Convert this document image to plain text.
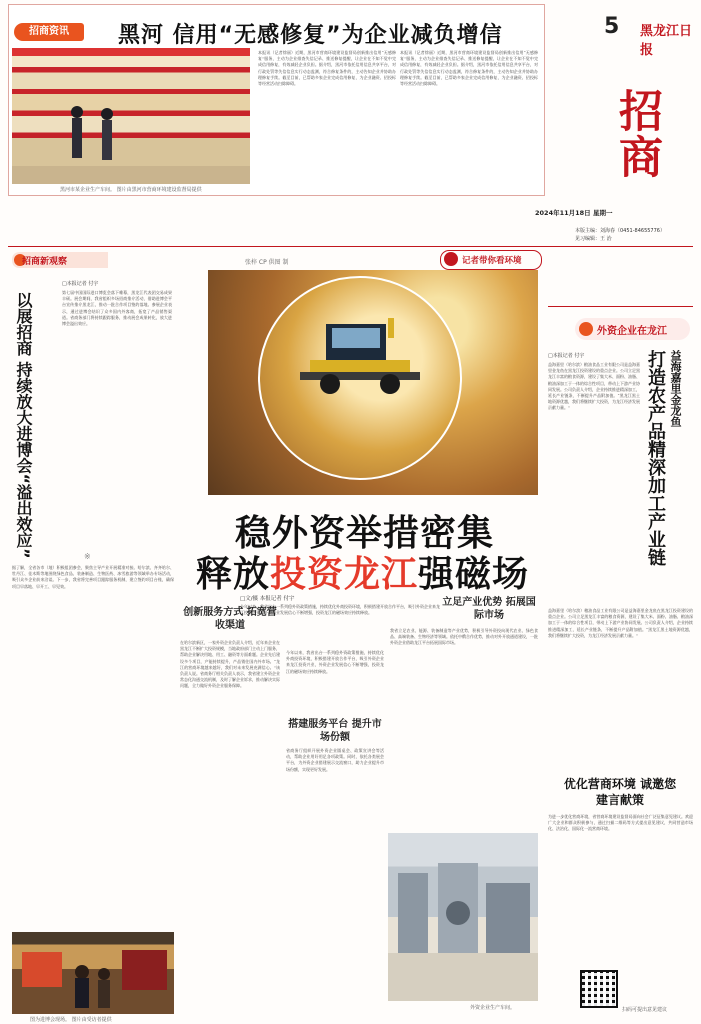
招商资讯	黑河 信用“无感修复”为企业减负增信
黑河市某企业生产车间。 图片由黑河市营商环境建设监督局提供
本报讯（记者徐丽）近期，黑河市营商环境建设监督局创新推出信用“无感修复”服务，主动为企业排查失信记录、推送修复提醒，让企业在不知不觉中完成信用修复，有效减轻企业负担。据介绍，黑河市依托信用信息共享平台，对行政处罚等失信信息实行动态监测，符合修复条件的，主动告知企业并协助办理修复手续。截至目前，已帮助多家企业完成信用修复，为企业融资、招投标等经营活动扫除障碍。
本报讯（记者徐丽）近期，黑河市营商环境建设监督局创新推出信用“无感修复”服务，主动为企业排查失信记录、推送修复提醒，让企业在不知不觉中完成信用修复，有效减轻企业负担。据介绍，黑河市依托信用信息共享平台，对行政处罚等失信信息实行动态监测，符合修复条件的，主动告知企业并协助办理修复手续。截至目前，已帮助多家企业完成信用修复，为企业融资、招投标等经营活动扫除障碍。
5 黑龙江日报
招商
2024年11月18日 星期一
本版主编：刘海春（0451-84655776）
见习编辑：王 治
招商新观察
以展招商 持续放大进博会“溢出效应”
□本报记者 付宇
第七届中国国际进口博览会落下帷幕，黑龙江代表团交易成果丰硕。展会期间，我省组织多场招商推介活动，借助进博会平台宣传推介黑龙江，推动一批合作项目签约落地。参展企业表示，通过进博会结识了众多国内外客商，拓宽了产品销售渠道。省商务部门将持续跟踪服务，推动展会成果转化，放大进博会溢出效应。
※
据了解，全省各市（地）积极组团参会，聚焦主导产业开展精准对接。哈尔滨、齐齐哈尔、牡丹江、佳木斯等地围绕绿色食品、装备制造、生物医药、冰雪旅游等领域举办专场活动，吸引众多企业前来洽谈。下一步，我省将完善项目跟踪服务机制，建立签约项目台账，确保项目早落地、早开工、早见效。
图为进博会现场。 图片由受访者提供
张梓 CP 供图 制	记者带你看环境
稳外资举措密集
释放投资龙江强磁场
□文/摄 本报记者 付宇
今年以来，我省出台一系列稳外资政策措施，持续优化外商投资环境，积极搭建开放合作平台，吸引外资企业来龙江投资兴业，外资企业发展信心不断增强，投资龙江的磁场效应持续释放。
创新服务方式 拓宽营收渠道
在哈尔滨新区，一家外资企业负责人介绍，近年来企业在黑龙江不断扩大投资规模，当地政府部门主动上门服务，帮助企业解决用地、用工、融资等方面难题。企业先后建设多个项目，产能持续提升，产品销往国内外市场。“龙江的营商环境越来越好，我们对未来发展充满信心。”该负责人说。省商务厅相关负责人表示，我省建立外资企业常态化沟通交流机制，及时了解企业诉求，推动解决实际问题，全力做好外资企业服务保障。
今年以来，我省出台一系列稳外资政策措施，持续优化外商投资环境，积极搭建开放合作平台，吸引外资企业来龙江投资兴业，外资企业发展信心不断增强，投资龙江的磁场效应持续释放。
搭建服务平台 提升市场份额
省商务厅组织开展外资企业圆桌会、政策宣讲会等活动，帮助企业用好用足各项政策。同时，依托各类展会平台，为外资企业搭建展示交流窗口，助力企业提升市场份额，实现更好发展。
立足产业优势 拓展国际市场
我省立足农业、能源、装备制造等产业优势，积极引导外资投向现代农业、绿色食品、高端装备、生物经济等领域。依托中俄合作优势，推动对外开放通道建设，一批外资企业借助龙江平台拓展国际市场。
外资企业生产车间。
外资企业在龙江
□本报记者 付宇	益海嘉里金龙鱼
打造农产品精深加工产业链
益海嘉里（哈尔滨）粮油食品工业有限公司是益海嘉里金龙鱼在黑龙江投资建设的重点企业。公司立足黑龙江丰富的粮食资源，建设了集大米、面粉、油脂、粮油深加工于一体的综合性项目，带动上下游产业协同发展。公司负责人介绍，企业持续推进精深加工，延长产业链条，不断提升产品附加值。“黑龙江黑土地资源优越，我们将继续扩大投资，为龙江经济发展贡献力量。”
益海嘉里（哈尔滨）粮油食品工业有限公司是益海嘉里金龙鱼在黑龙江投资建设的重点企业。公司立足黑龙江丰富的粮食资源，建设了集大米、面粉、油脂、粮油深加工于一体的综合性项目，带动上下游产业协同发展。公司负责人介绍，企业持续推进精深加工，延长产业链条，不断提升产品附加值。“黑龙江黑土地资源优越，我们将继续扩大投资，为龙江经济发展贡献力量。”
优化营商环境 诚邀您建言献策
为进一步优化营商环境，省营商环境建设监督局面向社会广泛征集意见建议。欢迎广大企业和群众积极参与，通过扫描二维码等方式提出意见建议，共同营造市场化、法治化、国际化一流营商环境。
扫码可提出意见建议
